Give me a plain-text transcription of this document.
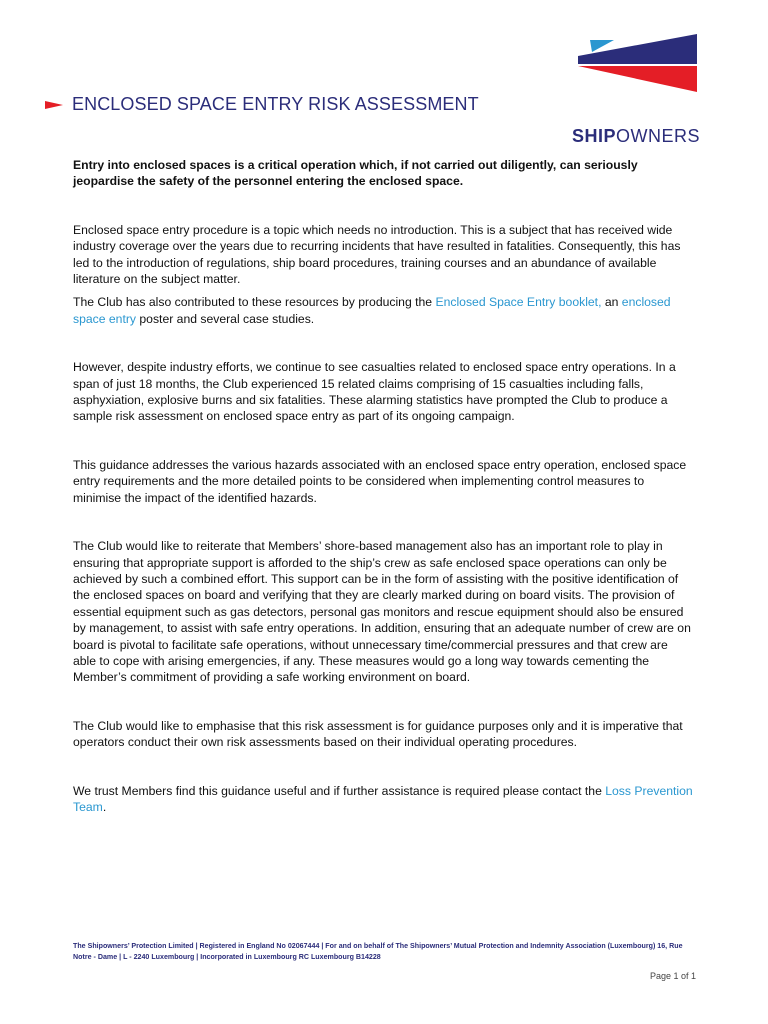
ENCLOSED SPACE ENTRY RISK ASSESSMENT
SHIPOWNERS

Entry into enclosed spaces is a critical operation which, if not carried out diligently, can seriously jeopardise the safety of the personnel entering the enclosed space.

Enclosed space entry procedure is a topic which needs no introduction. This is a subject that has received wide industry coverage over the years due to recurring incidents that have resulted in fatalities. Consequently, this has led to the introduction of regulations, ship board procedures, training courses and an abundance of available literature on the subject matter.

The Club has also contributed to these resources by producing the Enclosed Space Entry booklet, an enclosed space entry poster and several case studies.

However, despite industry efforts, we continue to see casualties related to enclosed space entry operations. In a span of just 18 months, the Club experienced 15 related claims comprising of 15 casualties including falls, asphyxiation, explosive burns and six fatalities. These alarming statistics have prompted the Club to produce a sample risk assessment on enclosed space entry as part of its ongoing campaign.

This guidance addresses the various hazards associated with an enclosed space entry operation, enclosed space entry requirements and the more detailed points to be considered when implementing control measures to minimise the impact of the identified hazards.

The Club would like to reiterate that Members’ shore-based management also has an important role to play in ensuring that appropriate support is afforded to the ship’s crew as safe enclosed space operations can only be achieved by such a combined effort. This support can be in the form of assisting with the positive identification of the enclosed spaces on board and verifying that they are clearly marked during on board visits. The provision of essential equipment such as gas detectors, personal gas monitors and rescue equipment should also be ensured by management, to assist with safe entry operations. In addition, ensuring that an adequate number of crew are on board is pivotal to facilitate safe operations, without unnecessary time/commercial pressures and that crew are able to cope with arising emergencies, if any. These measures would go a long way towards cementing the Member’s commitment of providing a safe working environment on board.

The Club would like to emphasise that this risk assessment is for guidance purposes only and it is imperative that operators conduct their own risk assessments based on their individual operating procedures.

We trust Members find this guidance useful and if further assistance is required please contact the Loss Prevention Team.

The Shipowners’ Protection Limited | Registered in England No 02067444 | For and on behalf of The Shipowners’ Mutual Protection and Indemnity Association (Luxembourg) 16, Rue Notre - Dame | L - 2240 Luxembourg | Incorporated in Luxembourg RC Luxembourg B14228
Page 1 of 1
